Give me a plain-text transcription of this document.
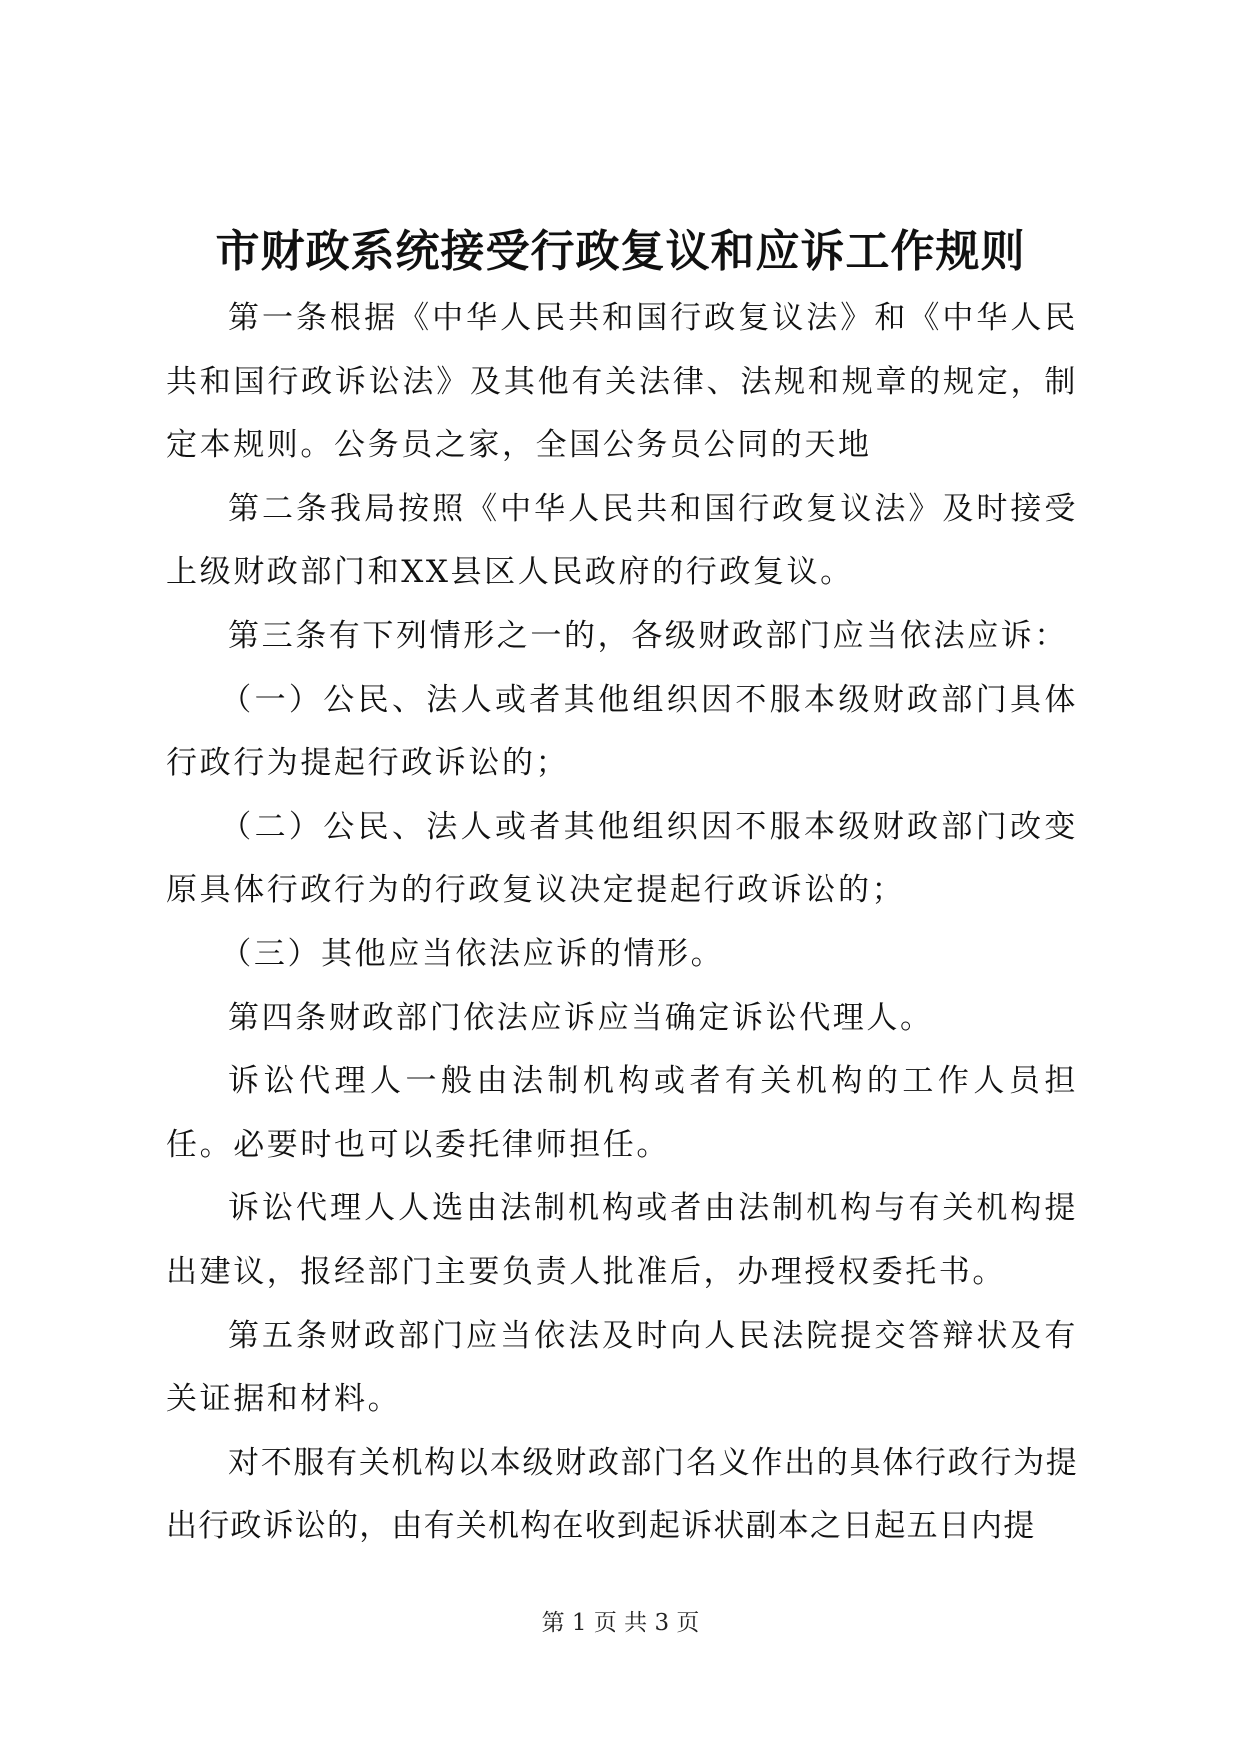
市财政系统接受行政复议和应诉工作规则

第一条根据《中华人民共和国行政复议法》和《中华人民共和国行政诉讼法》及其他有关法律、法规和规章的规定，制定本规则。公务员之家，全国公务员公同的天地

第二条我局按照《中华人民共和国行政复议法》及时接受上级财政部门和XX县区人民政府的行政复议。

第三条有下列情形之一的，各级财政部门应当依法应诉：

（一）公民、法人或者其他组织因不服本级财政部门具体行政行为提起行政诉讼的；

（二）公民、法人或者其他组织因不服本级财政部门改变原具体行政行为的行政复议决定提起行政诉讼的；

（三）其他应当依法应诉的情形。

第四条财政部门依法应诉应当确定诉讼代理人。

诉讼代理人一般由法制机构或者有关机构的工作人员担任。必要时也可以委托律师担任。

诉讼代理人人选由法制机构或者由法制机构与有关机构提出建议，报经部门主要负责人批准后，办理授权委托书。

第五条财政部门应当依法及时向人民法院提交答辩状及有关证据和材料。

对不服有关机构以本级财政部门名义作出的具体行政行为提出行政诉讼的，由有关机构在收到起诉状副本之日起五日内提

第 1 页 共 3 页
